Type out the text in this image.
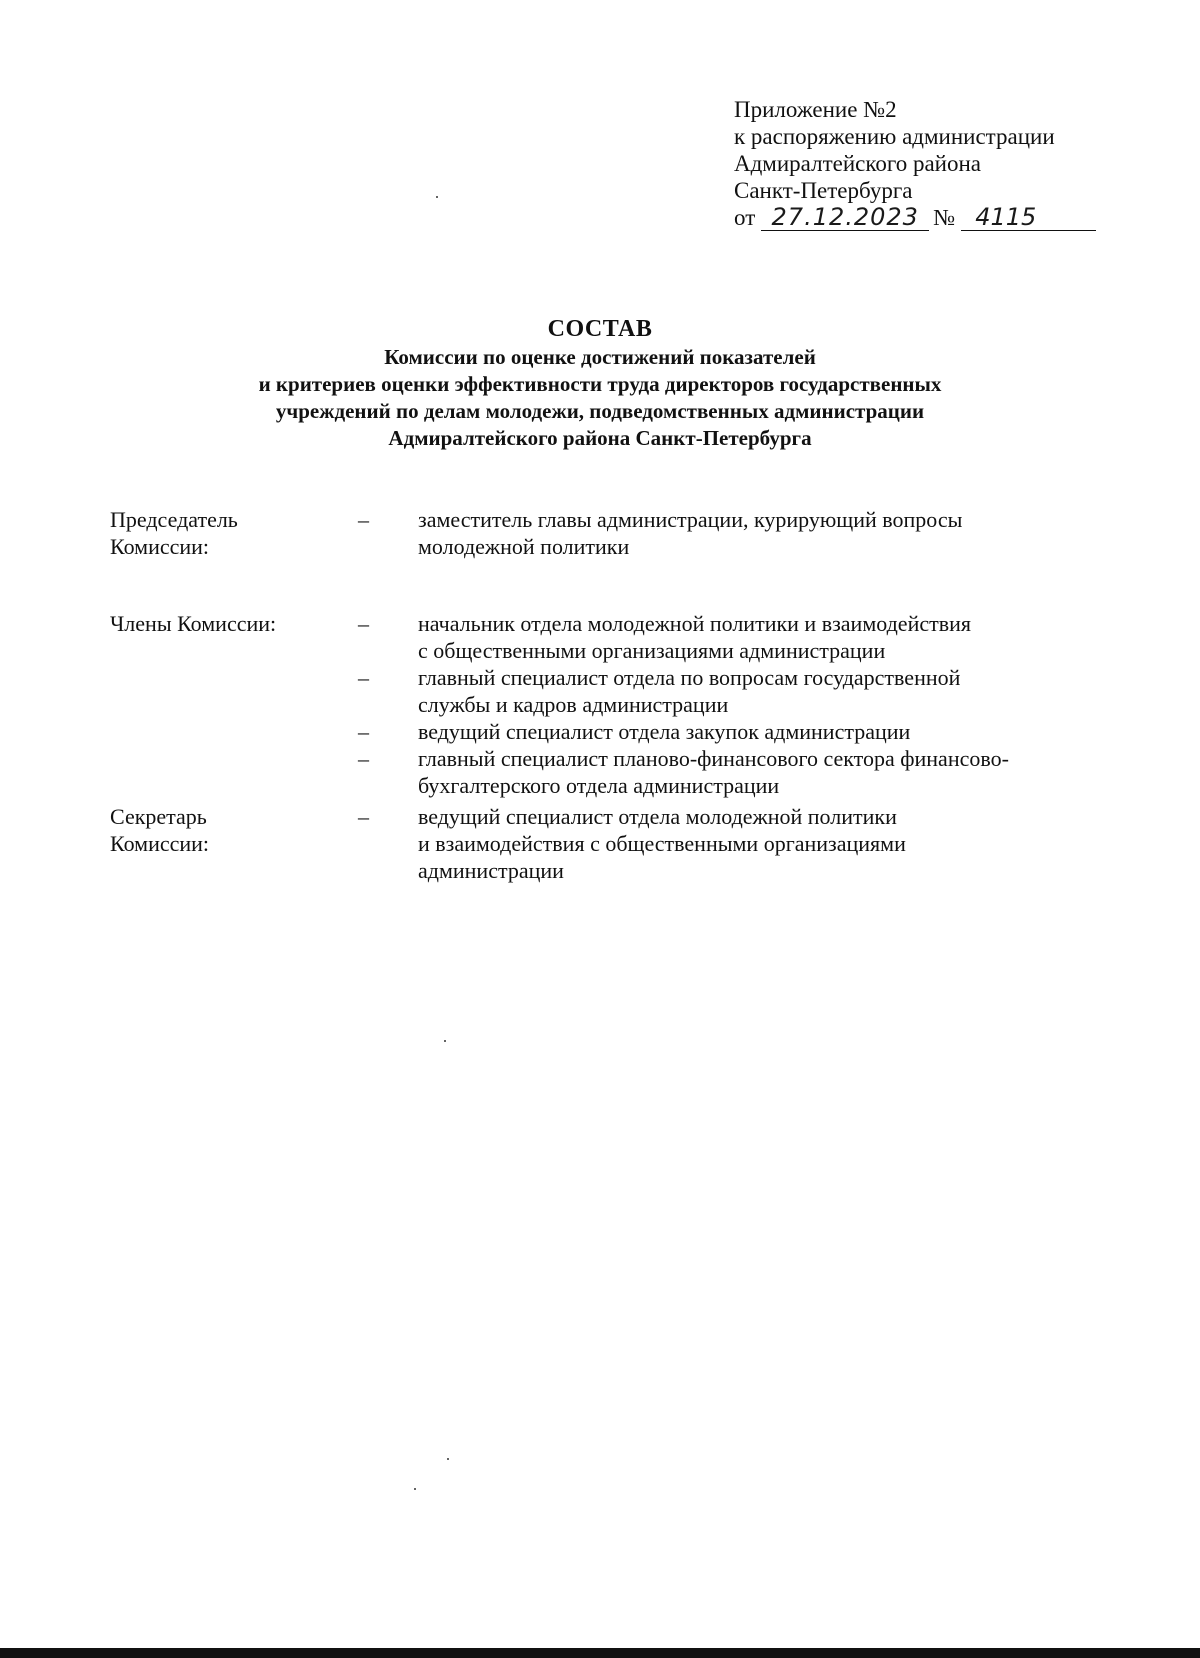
Приложение №2
к распоряжению администрации
Адмиралтейского района
Санкт-Петербурга
от 27.12.2023 № 4115
СОСТАВ
Комиссии по оценке достижений показателей
и критериев оценки эффективности труда директоров государственных
учреждений по делам молодежи, подведомственных администрации
Адмиралтейского района Санкт-Петербурга
Председатель
Комиссии:
–	заместитель главы администрации, курирующий вопросы
молодежной политики
Члены Комиссии:	–	начальник отдела молодежной политики и взаимодействия
с общественными организациями администрации
–	главный специалист отдела по вопросам государственной
службы и кадров администрации
–	ведущий специалист отдела закупок администрации
–	главный специалист планово-финансового сектора финансово-
бухгалтерского отдела администрации
Секретарь
Комиссии:
–	ведущий специалист отдела молодежной политики
и взаимодействия с общественными организациями
администрации
